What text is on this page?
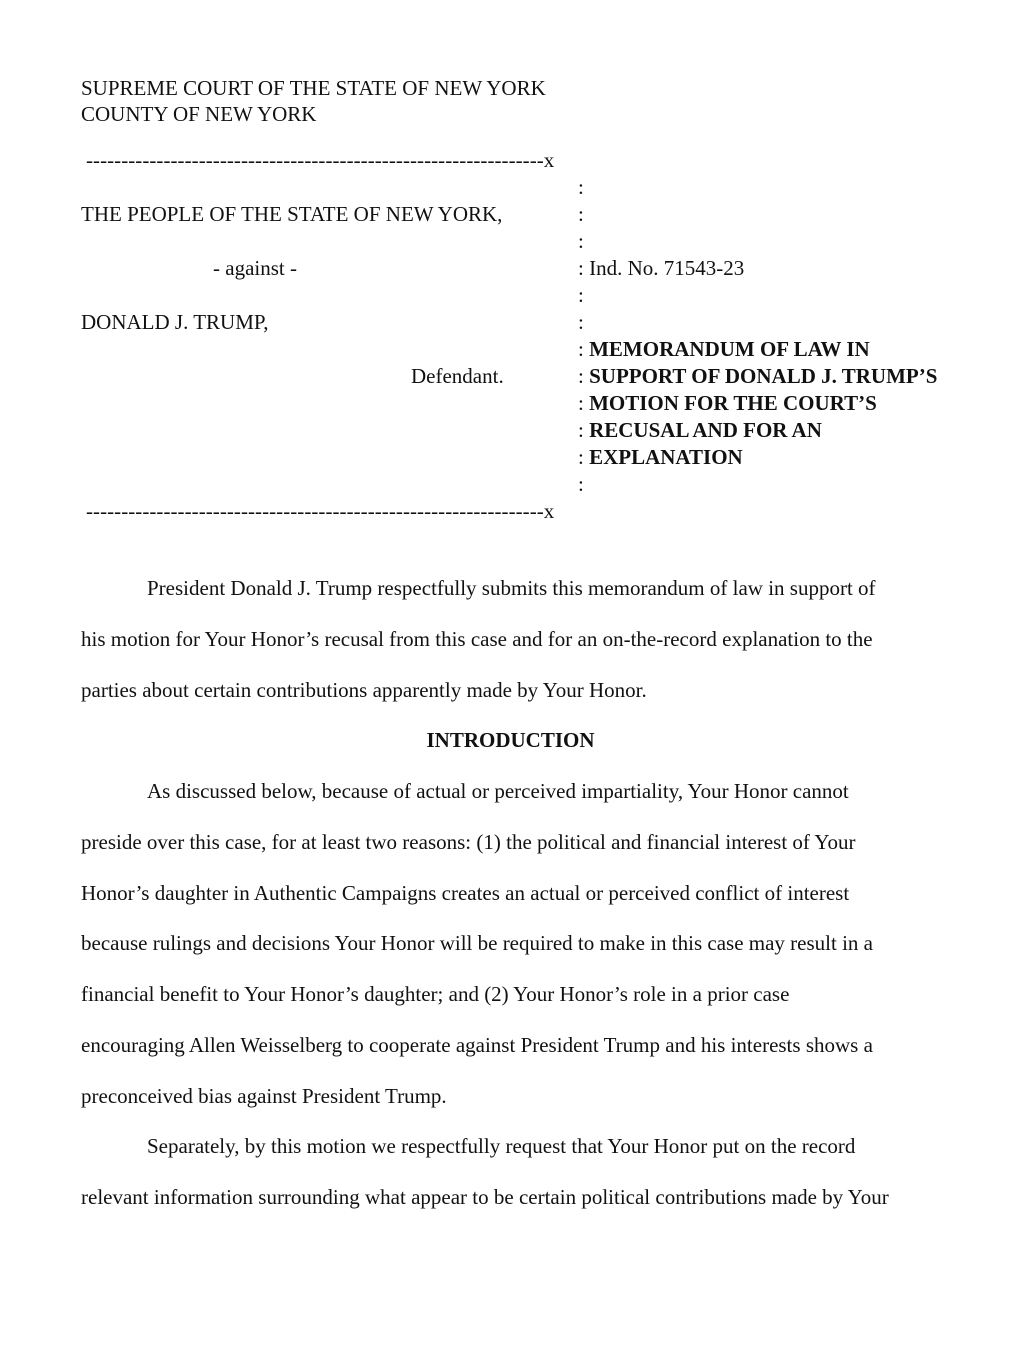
SUPREME COURT OF THE STATE OF NEW YORK
COUNTY OF NEW YORK
-----------------------------------------------------------------x
:
THE PEOPLE OF THE STATE OF NEW YORK,	:
:
- against -	: Ind. No. 71543-23
:
DONALD J. TRUMP,	:
: MEMORANDUM OF LAW IN
Defendant.	: SUPPORT OF DONALD J. TRUMP’S
: MOTION FOR THE COURT’S
: RECUSAL AND FOR AN
: EXPLANATION
:
-----------------------------------------------------------------x
President Donald J. Trump respectfully submits this memorandum of law in support of
his motion for Your Honor’s recusal from this case and for an on-the-record explanation to the
parties about certain contributions apparently made by Your Honor.
INTRODUCTION
As discussed below, because of actual or perceived impartiality, Your Honor cannot
preside over this case, for at least two reasons: (1) the political and financial interest of Your
Honor’s daughter in Authentic Campaigns creates an actual or perceived conflict of interest
because rulings and decisions Your Honor will be required to make in this case may result in a
financial benefit to Your Honor’s daughter; and (2) Your Honor’s role in a prior case
encouraging Allen Weisselberg to cooperate against President Trump and his interests shows a
preconceived bias against President Trump.
Separately, by this motion we respectfully request that Your Honor put on the record
relevant information surrounding what appear to be certain political contributions made by Your
